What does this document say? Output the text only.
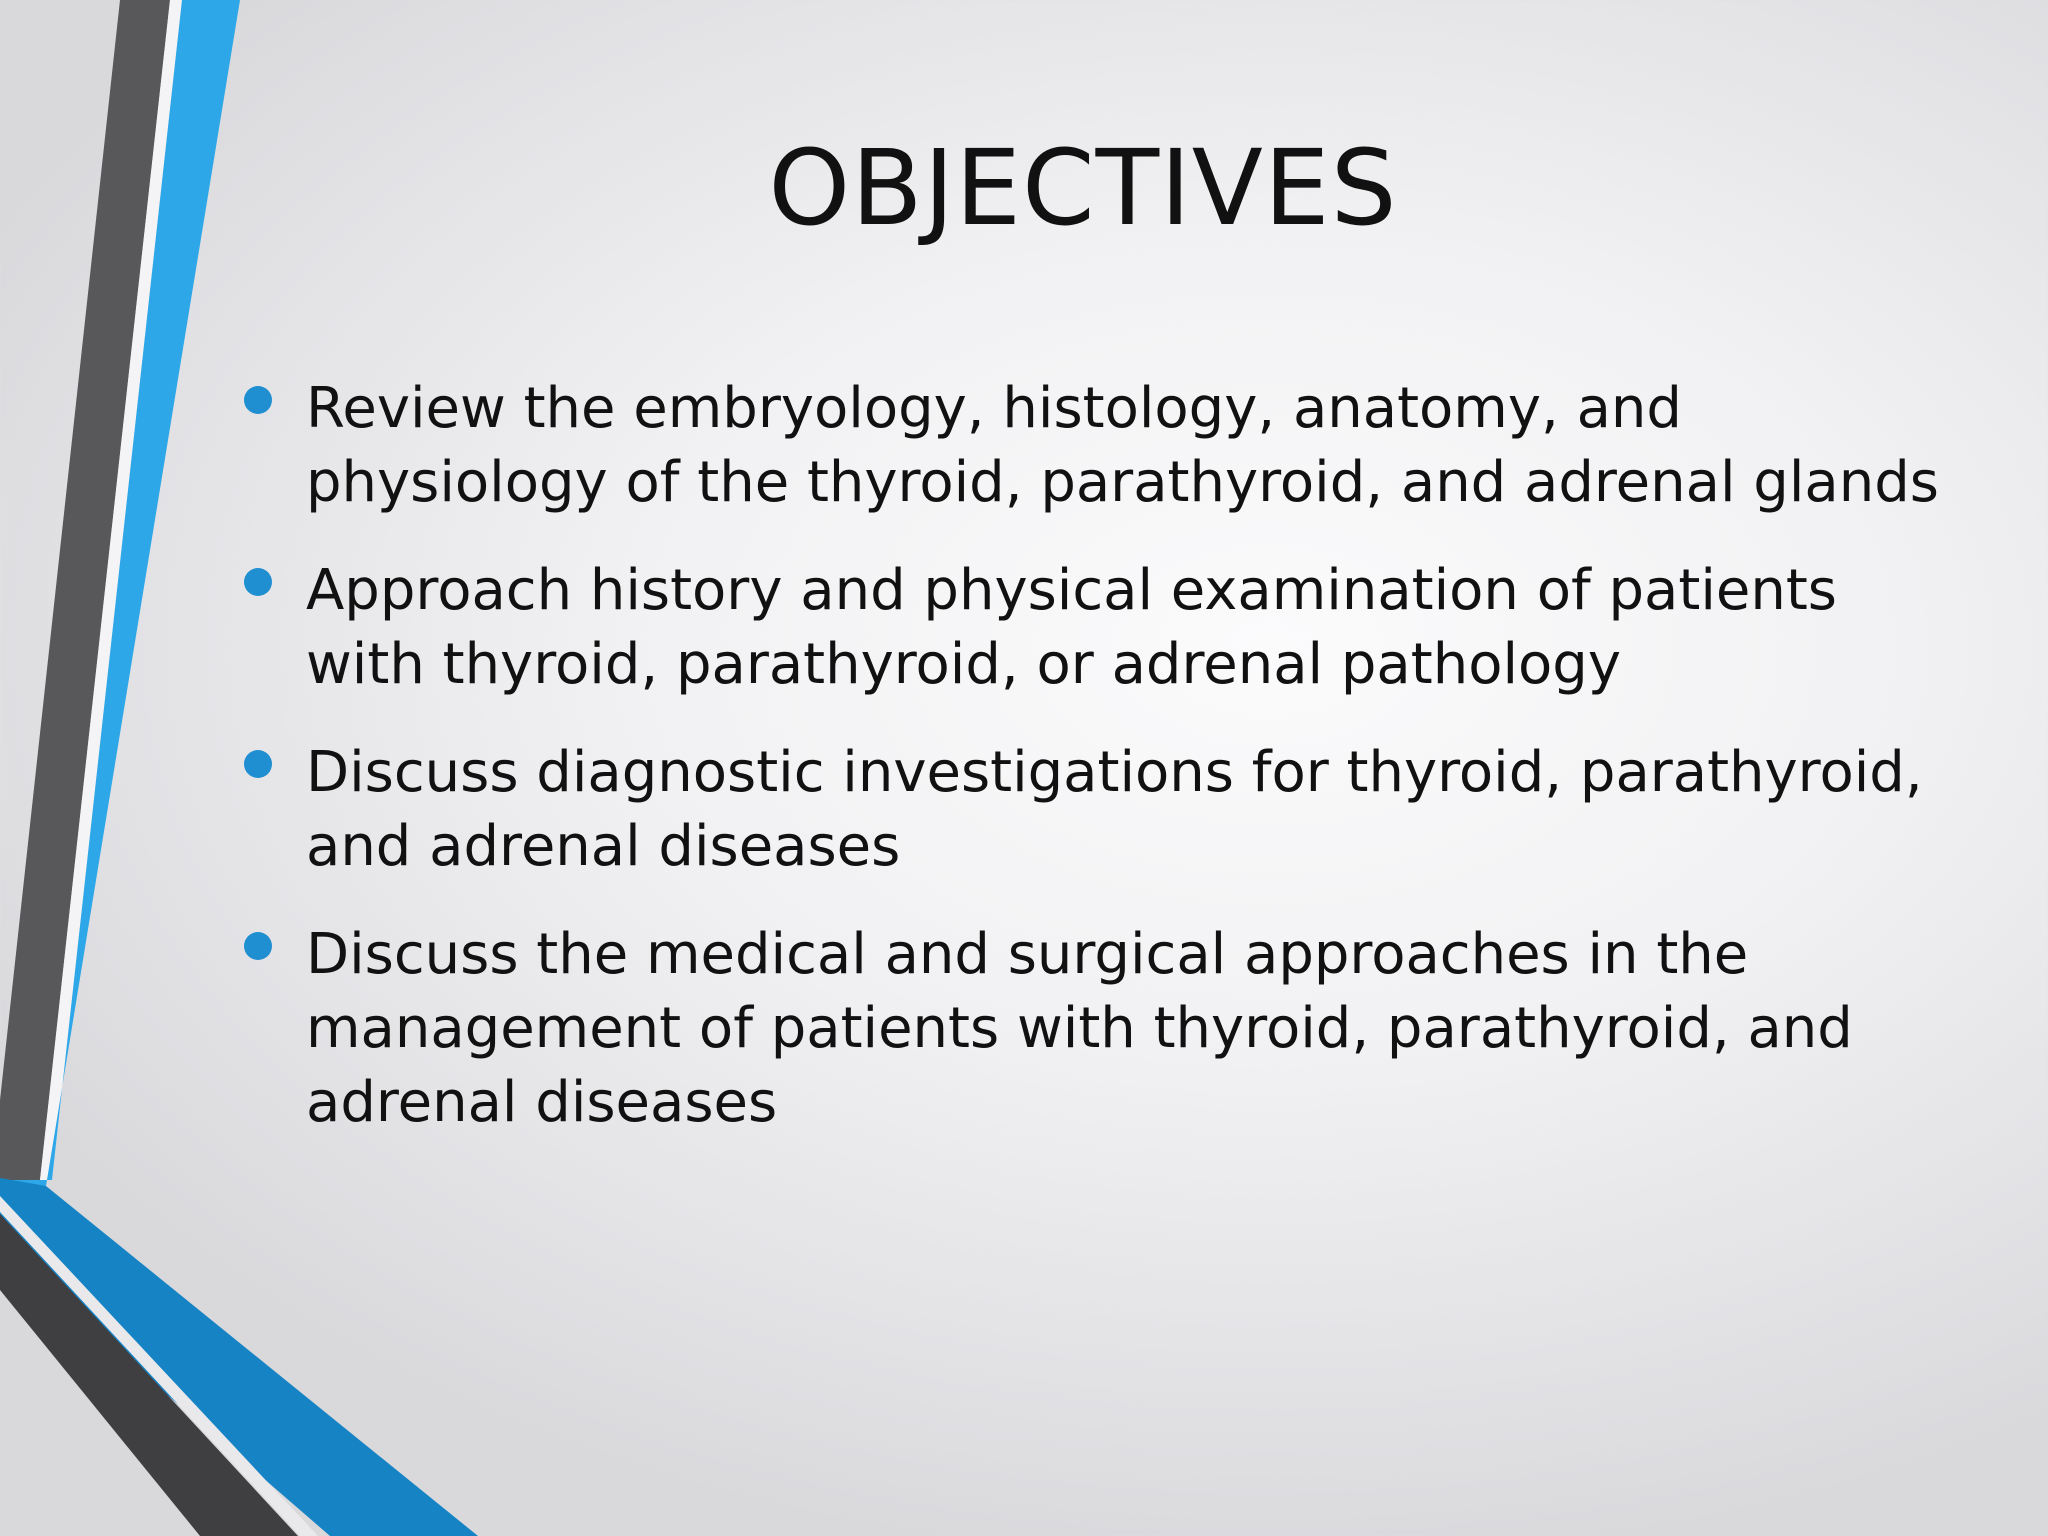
OBJECTIVES
Review the embryology, histology, anatomy, and physiology of the thyroid, parathyroid, and adrenal glands
Approach history and physical examination of patients with thyroid, parathyroid, or adrenal pathology
Discuss diagnostic investigations for thyroid, parathyroid, and adrenal diseases
Discuss the medical and surgical approaches in the management of patients with thyroid, parathyroid, and adrenal diseases
